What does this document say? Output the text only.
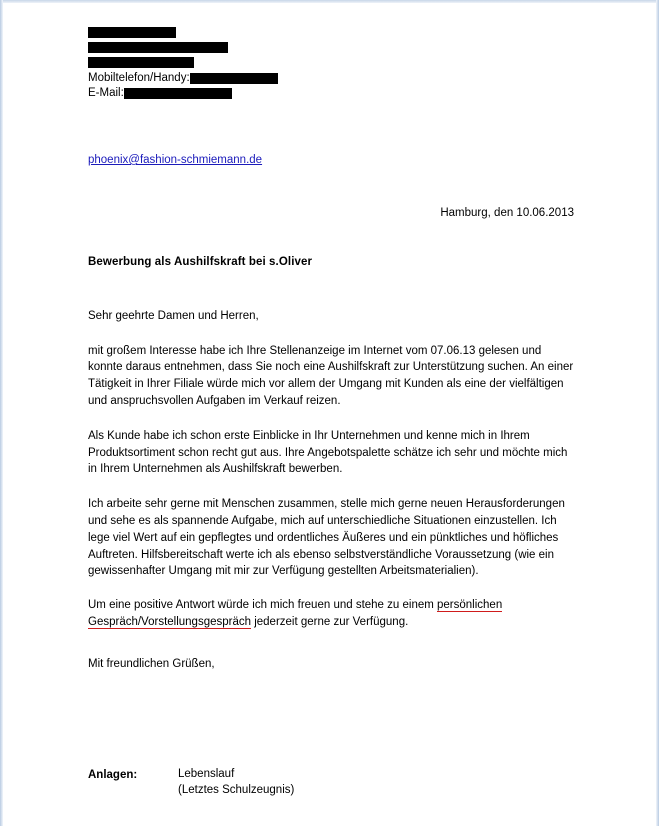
Mobiltelefon/Handy:
E-Mail:
phoenix@fashion-schmiemann.de
Hamburg, den 10.06.2013
Bewerbung als Aushilfskraft bei s.Oliver
Sehr geehrte Damen und Herren,
mit großem Interesse habe ich Ihre Stellenanzeige im Internet vom 07.06.13 gelesen und konnte daraus entnehmen, dass Sie noch eine Aushilfskraft zur Unterstützung suchen. An einer Tätigkeit in Ihrer Filiale würde mich vor allem der Umgang mit Kunden als eine der vielfältigen und anspruchsvollen Aufgaben im Verkauf reizen.
Als Kunde habe ich schon erste Einblicke in Ihr Unternehmen und kenne mich in Ihrem Produktsortiment schon recht gut aus. Ihre Angebotspalette schätze ich sehr und möchte mich in Ihrem Unternehmen als Aushilfskraft bewerben.
Ich arbeite sehr gerne mit Menschen zusammen, stelle mich gerne neuen Herausforderungen und sehe es als spannende Aufgabe, mich auf unterschiedliche Situationen einzustellen. Ich lege viel Wert auf ein gepflegtes und ordentliches Äußeres und ein pünktliches und höfliches Auftreten. Hilfsbereitschaft werte ich als ebenso selbstverständliche Voraussetzung (wie ein gewissenhafter Umgang mit mir zur Verfügung gestellten Arbeitsmaterialien).
Um eine positive Antwort würde ich mich freuen und stehe zu einem persönlichen Gespräch/Vorstellungsgespräch jederzeit gerne zur Verfügung.
Mit freundlichen Grüßen,
Anlagen:	Lebenslauf
(Letztes Schulzeugnis)
